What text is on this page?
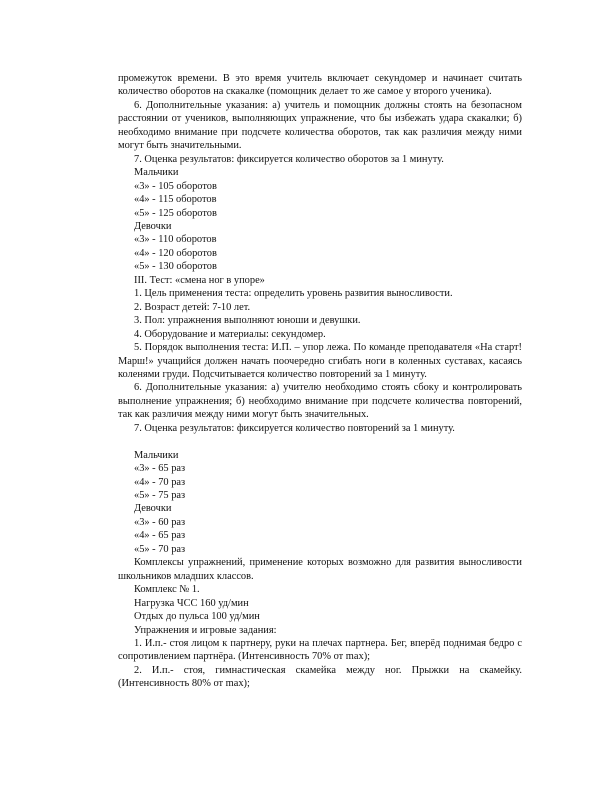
промежуток времени. В это время учитель включает секундомер и начинает считать количество оборотов на скакалке (помощник делает то же самое у второго ученика).

6. Дополнительные указания: а) учитель и помощник должны стоять на безопасном расстоянии от учеников, выполняющих упражнение, что бы избежать удара скакалки; б) необходимо внимание при подсчете количества оборотов, так как различия между ними могут быть значительными.

7. Оценка результатов: фиксируется количество оборотов за 1 минуту.

Мальчики

«3» - 105 оборотов

«4» - 115 оборотов

«5» - 125 оборотов

Девочки

«3» - 110 оборотов

«4» - 120 оборотов

«5» - 130 оборотов

III. Тест: «смена ног в упоре»

1. Цель применения теста: определить уровень развития выносливости.

2. Возраст детей: 7-10 лет.

3. Пол: упражнения выполняют юноши и девушки.

4. Оборудование и материалы: секундомер.

5. Порядок выполнения теста: И.П. – упор лежа. По команде преподавателя «На старт! Марш!» учащийся должен начать поочередно сгибать ноги в коленных суставах, касаясь коленями груди. Подсчитывается количество повторений за 1 минуту.

6. Дополнительные указания: а) учителю необходимо стоять сбоку и контролировать выполнение упражнения; б) необходимо внимание при подсчете количества повторений, так как различия между ними могут быть значительных.

7. Оценка результатов: фиксируется количество повторений за 1 минуту.

Мальчики

«3» - 65 раз

«4» - 70 раз

«5» - 75 раз

Девочки

«3» - 60 раз

«4» - 65 раз

«5» - 70 раз

Комплексы упражнений, применение которых возможно для развития выносливости школьников младших классов.

Комплекс № 1.

Нагрузка ЧСС 160 уд/мин

Отдых до пульса 100 уд/мин

Упражнения и игровые задания:

1. И.п.- стоя лицом к партнеру, руки на плечах партнера. Бег, вперёд поднимая бедро с сопротивлением партнёра. (Интенсивность 70% от max);

2. И.п.- стоя, гимнастическая скамейка между ног. Прыжки на скамейку. (Интенсивность 80% от max);
